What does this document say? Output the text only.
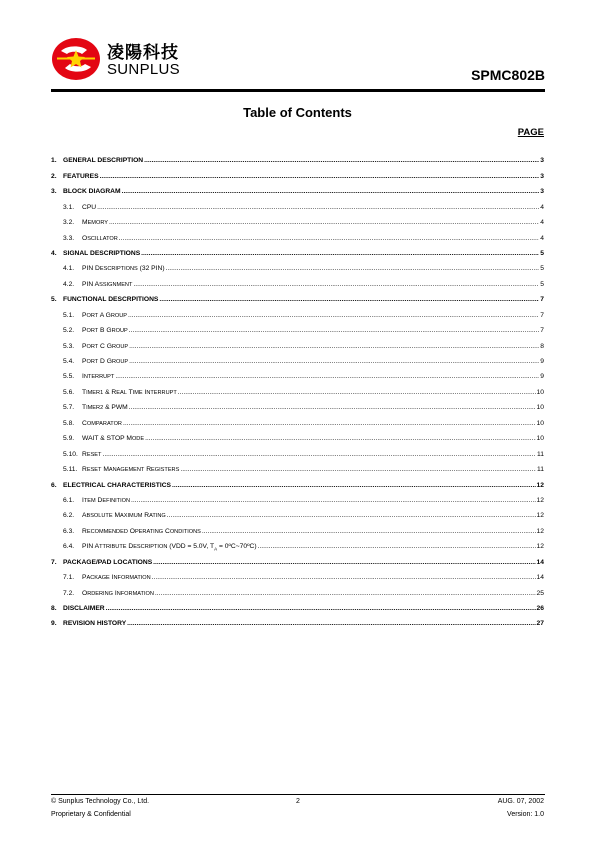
凌陽科技
SUNPLUS	SPMC802B
Table of Contents
PAGE
1. GENERAL DESCRIPTION .....	3
2. FEATURES .....	3
3. BLOCK DIAGRAM .....	3
3.1.	CPU .....	4
3.2.	MEMORY .....	4
3.3.	OSCILLATOR .....	4
4. SIGNAL DESCRIPTIONS .....	5
4.1.	PIN DESCRIPTIONS (32 PIN) .....	5
4.2.	PIN ASSIGNMENT .....	5
5. FUNCTIONAL DESCRPITIONS .....	7
5.1.	PORT A GROUP .....	7
5.2.	PORT B GROUP .....	7
5.3.	PORT C GROUP .....	8
5.4.	PORT D GROUP .....	9
5.5.	INTERRUPT .....	9
5.6.	TIMER1 & REAL TIME INTERRUPT .....	10
5.7.	TIMER2 & PWM .....	10
5.8.	COMPARATOR .....	10
5.9.	WAIT & STOP MODE .....	10
5.10. RESET .....	11
5.11. RESET MANAGEMENT REGISTERS .....	11
6. ELECTRICAL CHARACTERISTICS .....	12
6.1.	ITEM DEFINITION .....	12
6.2.	ABSOLUTE MAXIMUM RATING .....	12
6.3.	RECOMMENDED OPERATING CONDITIONS .....	12
6.4.	PIN ATTRIBUTE DESCRIPTION (VDD = 5.0V, $T_A$ = 0ºC~70ºC) .....	12
7. PACKAGE/PAD LOCATIONS .....	14
7.1.	PACKAGE INFORMATION .....	14
7.2.	ORDERING INFORMATION .....	25
8. DISCLAIMER .....	26
9. REVISION HISTORY .....	27
© Sunplus Technology Co., Ltd.
Proprietary & Confidential
2	AUG. 07, 2002
Version: 1.0
